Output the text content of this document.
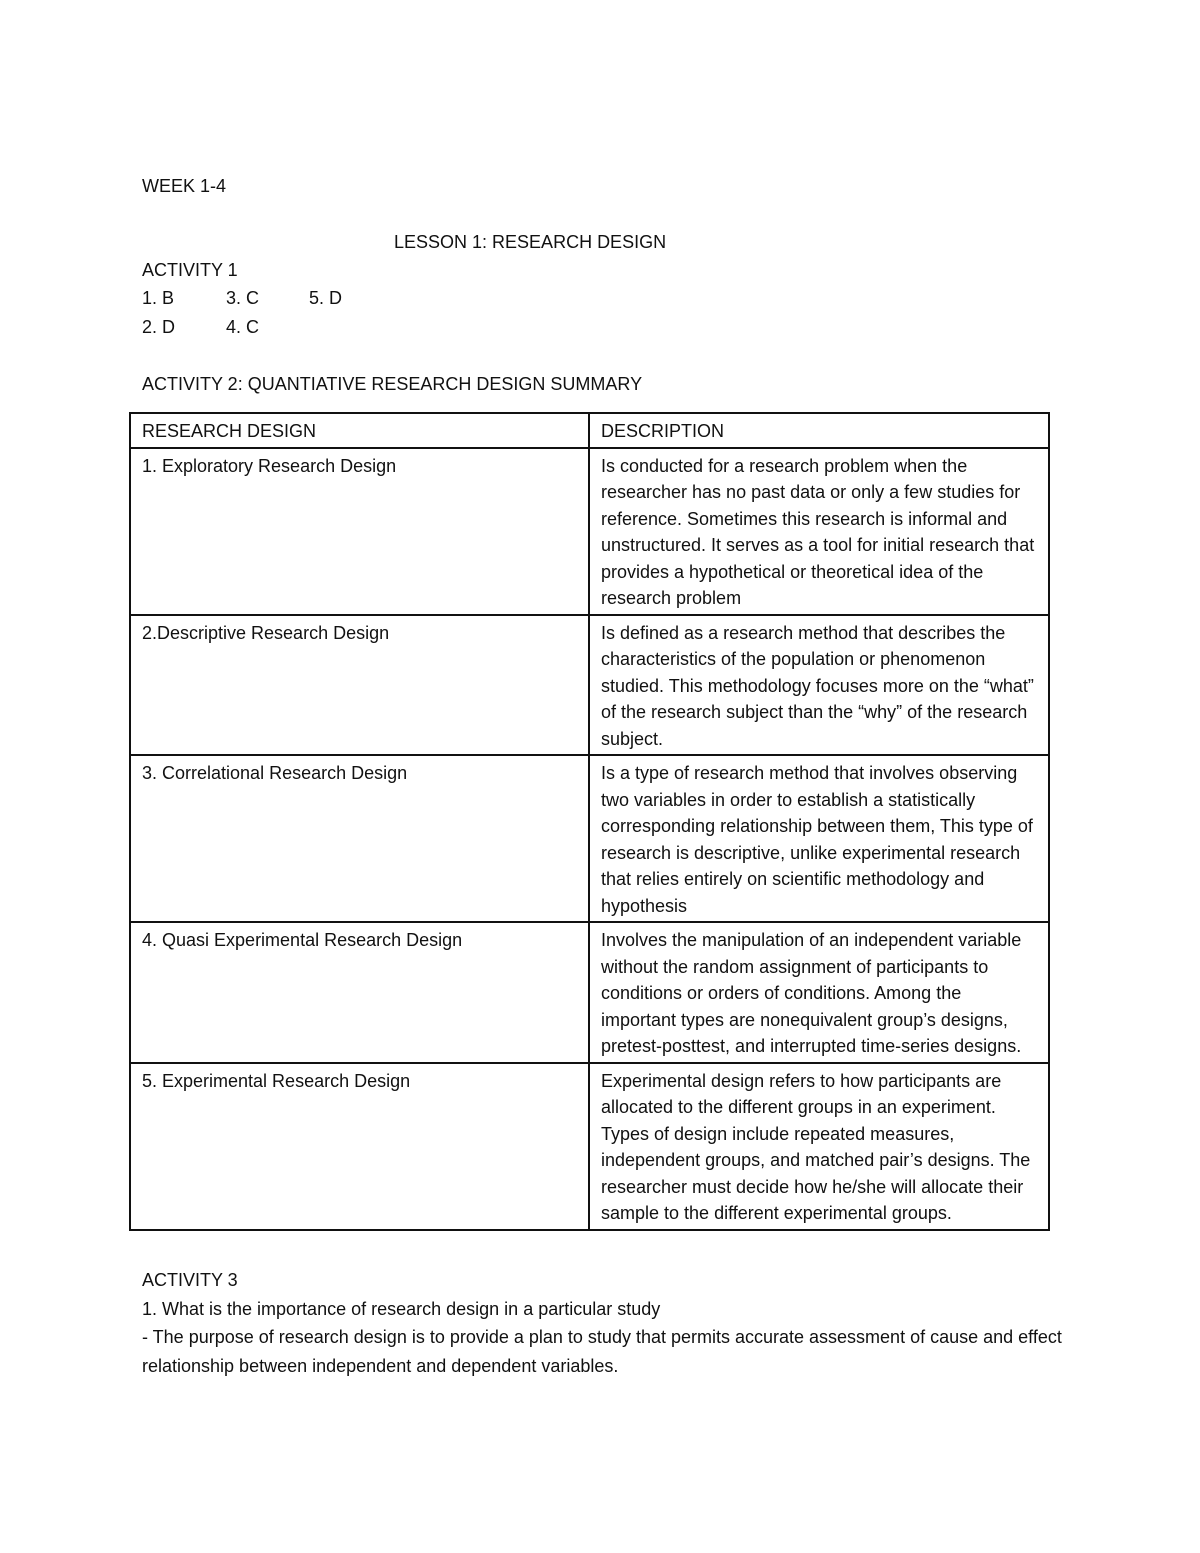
WEEK 1-4
LESSON 1: RESEARCH DESIGN
ACTIVITY 1
1. B	3. C	5. D
2. D	4. C
ACTIVITY 2: QUANTIATIVE RESEARCH DESIGN SUMMARY
RESEARCH DESIGN	DESCRIPTION
1. Exploratory Research Design	Is conducted for a research problem when the researcher has no past data or only a few studies for reference. Sometimes this research is informal and unstructured. It serves as a tool for initial research that provides a hypothetical or theoretical idea of the research problem
2.Descriptive Research Design	Is defined as a research method that describes the characteristics of the population or phenomenon studied. This methodology focuses more on the “what” of the research subject than the “why” of the research subject.
3. Correlational Research Design	Is a type of research method that involves observing two variables in order to establish a statistically corresponding relationship between them, This type of research is descriptive, unlike experimental research that relies entirely on scientific methodology and hypothesis
4. Quasi Experimental Research Design	Involves the manipulation of an independent variable without the random assignment of participants to conditions or orders of conditions. Among the important types are nonequivalent group’s designs, pretest-posttest, and interrupted time-series designs.
5. Experimental Research Design	Experimental design refers to how participants are allocated to the different groups in an experiment. Types of design include repeated measures, independent groups, and matched pair’s designs. The researcher must decide how he/she will allocate their sample to the different experimental groups.
ACTIVITY 3
1. What is the importance of research design in a particular study
- The purpose of research design is to provide a plan to study that permits accurate assessment of cause and effect relationship between independent and dependent variables.
